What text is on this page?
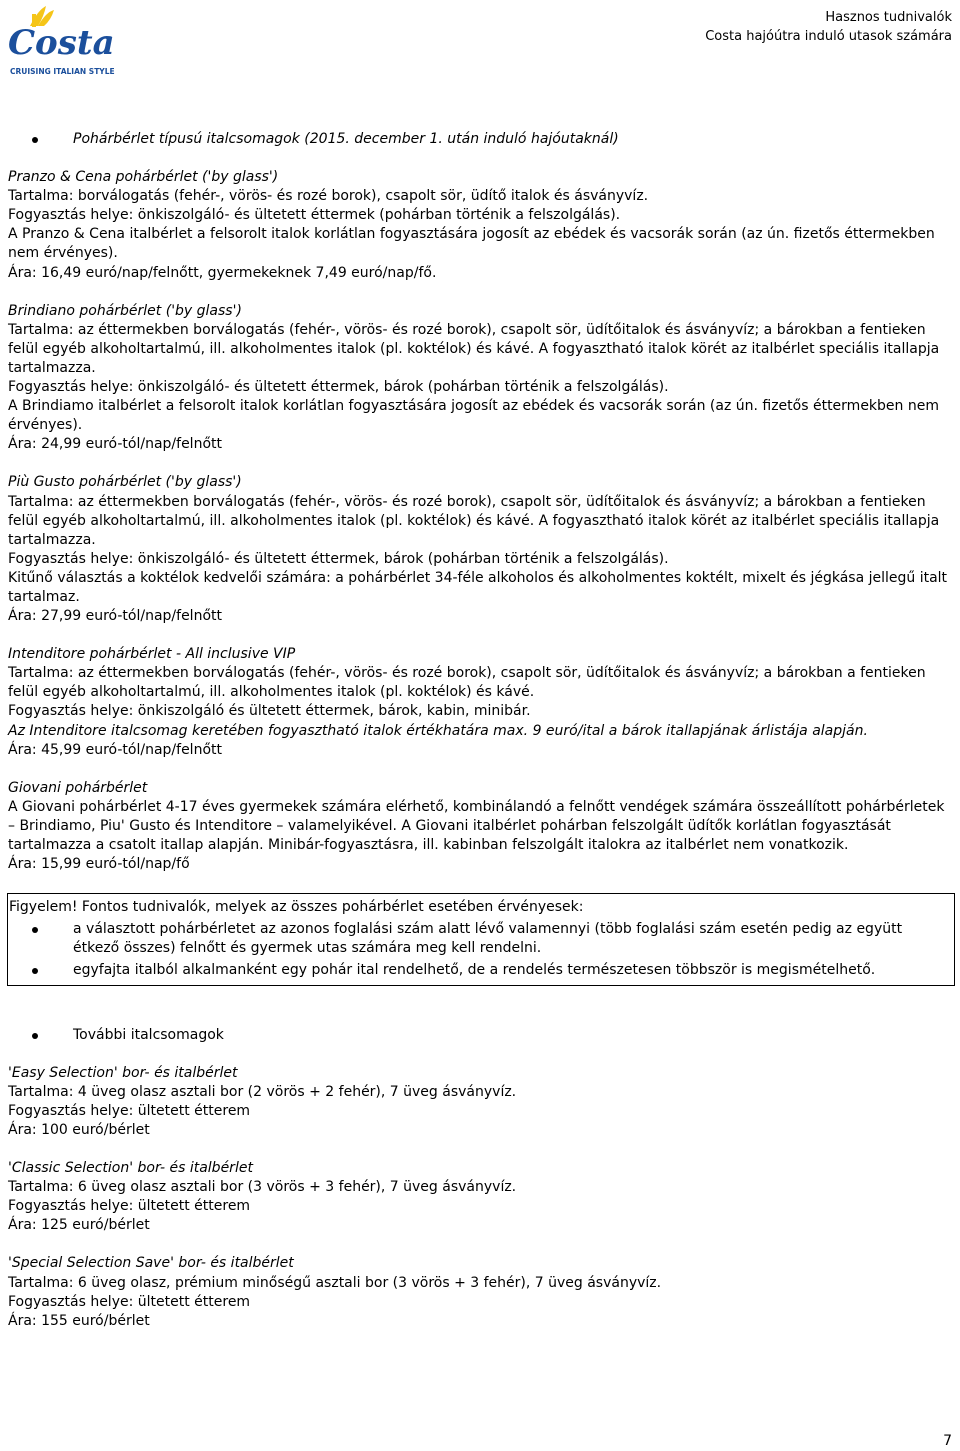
Costa
CRUISING ITALIAN STYLE
Hasznos tudnivalók
Costa hajóútra induló utasok számára
Pohárbérlet típusú italcsomagok (2015. december 1. után induló hajóutaknál)

Pranzo & Cena pohárbérlet ('by glass')

Tartalma: borválogatás (fehér-, vörös- és rozé borok), csapolt sör, üdítő italok és ásványvíz.

Fogyasztás helye: önkiszolgáló- és ültetett éttermek (pohárban történik a felszolgálás).

A Pranzo & Cena italbérlet a felsorolt italok korlátlan fogyasztására jogosít az ebédek és vacsorák során (az ún. fizetős éttermekben nem érvényes).

Ára: 16,49 euró/nap/felnőtt, gyermekeknek 7,49 euró/nap/fő.

Brindiano pohárbérlet ('by glass')

Tartalma: az éttermekben borválogatás (fehér-, vörös- és rozé borok), csapolt sör, üdítőitalok és ásványvíz; a bárokban a fentieken felül egyéb alkoholtartalmú, ill. alkoholmentes italok (pl. koktélok) és kávé. A fogyasztható italok körét az italbérlet speciális itallapja tartalmazza.

Fogyasztás helye: önkiszolgáló- és ültetett éttermek, bárok (pohárban történik a felszolgálás).

A Brindiamo italbérlet a felsorolt italok korlátlan fogyasztására jogosít az ebédek és vacsorák során (az ún. fizetős éttermekben nem érvényes).

Ára: 24,99 euró-tól/nap/felnőtt

Più Gusto pohárbérlet ('by glass')

Tartalma: az éttermekben borválogatás (fehér-, vörös- és rozé borok), csapolt sör, üdítőitalok és ásványvíz; a bárokban a fentieken felül egyéb alkoholtartalmú, ill. alkoholmentes italok (pl. koktélok) és kávé. A fogyasztható italok körét az italbérlet speciális itallapja tartalmazza.

Fogyasztás helye: önkiszolgáló- és ültetett éttermek, bárok (pohárban történik a felszolgálás).

Kitűnő választás a koktélok kedvelői számára: a pohárbérlet 34-féle alkoholos és alkoholmentes koktélt, mixelt és jégkása jellegű italt tartalmaz.

Ára: 27,99 euró-tól/nap/felnőtt

Intenditore pohárbérlet - All inclusive VIP

Tartalma: az éttermekben borválogatás (fehér-, vörös- és rozé borok), csapolt sör, üdítőitalok és ásványvíz; a bárokban a fentieken felül egyéb alkoholtartalmú, ill. alkoholmentes italok (pl. koktélok) és kávé.

Fogyasztás helye: önkiszolgáló és ültetett éttermek, bárok, kabin, minibár.

Az Intenditore italcsomag keretében fogyasztható italok értékhatára max. 9 euró/ital a bárok itallapjának árlistája alapján.

Ára: 45,99 euró-tól/nap/felnőtt

Giovani pohárbérlet

A Giovani pohárbérlet 4-17 éves gyermekek számára elérhető, kombinálandó a felnőtt vendégek számára összeállított pohárbérletek – Brindiamo, Piu' Gusto és Intenditore – valamelyikével. A Giovani italbérlet pohárban felszolgált üdítők korlátlan fogyasztását tartalmazza a csatolt itallap alapján. Minibár-fogyasztásra, ill. kabinban felszolgált italokra az italbérlet nem vonatkozik.

Ára: 15,99 euró-tól/nap/fő

Figyelem! Fontos tudnivalók, melyek az összes pohárbérlet esetében érvényesek:

a választott pohárbérletet az azonos foglalási szám alatt lévő valamennyi (több foglalási szám esetén pedig az együtt étkező összes) felnőtt és gyermek utas számára meg kell rendelni.
egyfajta italból alkalmanként egy pohár ital rendelhető, de a rendelés természetesen többször is megismételhető.
További italcsomagok

'Easy Selection' bor- és italbérlet

Tartalma: 4 üveg olasz asztali bor (2 vörös + 2 fehér), 7 üveg ásványvíz.

Fogyasztás helye: ültetett étterem

Ára: 100 euró/bérlet

'Classic Selection' bor- és italbérlet

Tartalma: 6 üveg olasz asztali bor (3 vörös + 3 fehér), 7 üveg ásványvíz.

Fogyasztás helye: ültetett étterem

Ára: 125 euró/bérlet

'Special Selection Save' bor- és italbérlet

Tartalma: 6 üveg olasz, prémium minőségű asztali bor (3 vörös + 3 fehér), 7 üveg ásványvíz.

Fogyasztás helye: ültetett étterem

Ára: 155 euró/bérlet

7
